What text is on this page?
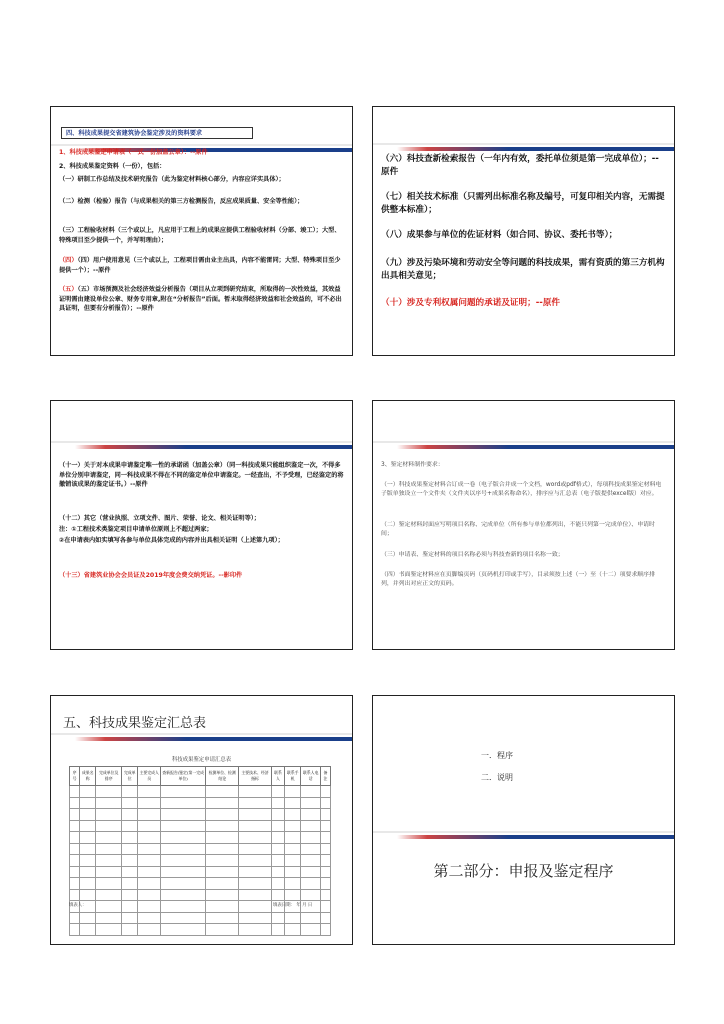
四、科技成果提交省建筑协会鉴定涉及的资料要求
1、科技成果鉴定申请表（一式一份加盖公章）：--原件
2、科技成果鉴定资料（一份），包括：
（一）研制工作总结及技术研究报告（此为鉴定材料核心部分，内容应详实具体）；
（二）检测（检验）报告（与成果相关的第三方检测报告，反应成果质量、安全等性能）；
（三）工程验收材料（三个或以上，凡应用于工程上的成果应提供工程验收材料（分部、竣工）；大型、特殊项目至少提供一个，并写明理由）；
（四）（四）用户使用意见（三个或以上，工程项目需由业主出具，内容不能雷同；大型、特殊项目至少提供一个）；--原件
（五）（五）市场预测及社会经济效益分析报告（项目从立项到研究结束，所取得的一次性效益，其效益证明需由建设单位公章、财务专用章,附在“分析报告”后面。暂未取得经济效益和社会效益的，可不必出具证明，但要有分析报告）；--原件
（六）科技查新检索报告（一年内有效，委托单位须是第一完成单位）；--原件
（七）相关技术标准（只需列出标准名称及编号，可复印相关内容，无需提供整本标准）；
（八）成果参与单位的佐证材料（如合同、协议、委托书等）；
（九）涉及污染环境和劳动安全等问题的科技成果，需有资质的第三方机构出具相关意见；
（十）涉及专利权属问题的承诺及证明；--原件
（十一）关于对本成果申请鉴定唯一性的承诺函（加盖公章）（同一科技成果只能组织鉴定一次，不得多单位分别申请鉴定，同一科技成果不得在不同的鉴定单位申请鉴定。一经查出，不予受理，已经鉴定的将撤销该成果的鉴定证书。）--原件
（十二）其它（营业执照、立项文件、图片、荣誉、论文、相关证明等）；
注：①工程技术类鉴定项目申请单位原则上不超过两家；
②在申请表内如实填写各参与单位具体完成的内容并出具相关证明（上述第九项）；
（十三）省建筑业协会会员证及2019年度会费交纳凭证。--影印件
3、鉴定材料制作要求：
（一）科技成果鉴定材料合订成一卷（电子版合并成一个文档，word或pdf格式），每项科技成果鉴定材料电子版单独设立一个文件夹（文件夹以序号+成果名称命名），排序应与汇总表（电子版提供excel版）对应。
（二）鉴定材料封面应写明项目名称、完成单位（所有参与单位都列出，不能只列第一完成单位）、申请时间；
（三）申请表、鉴定材料的项目名称必须与科技查新的项目名称一致；
（四）书面鉴定材料应在页脚编页码（页码机打印或手写），目录须按上述（一）至（十二）项要求顺序排列，并列出对应正文的页码。
五、科技成果鉴定汇总表
科技成果鉴定申请汇总表
序号	成果名称	完成单位及排序	完成单位	主要完成人员	查新报告/鉴定(第一完成单位)	检测单位、检测结论	主要技术、经济指标	联系人	联系手机	联系人电话	备注

填表人：	填表日期： 年 月 日
一．程序
二．说明
第二部分：申报及鉴定程序
